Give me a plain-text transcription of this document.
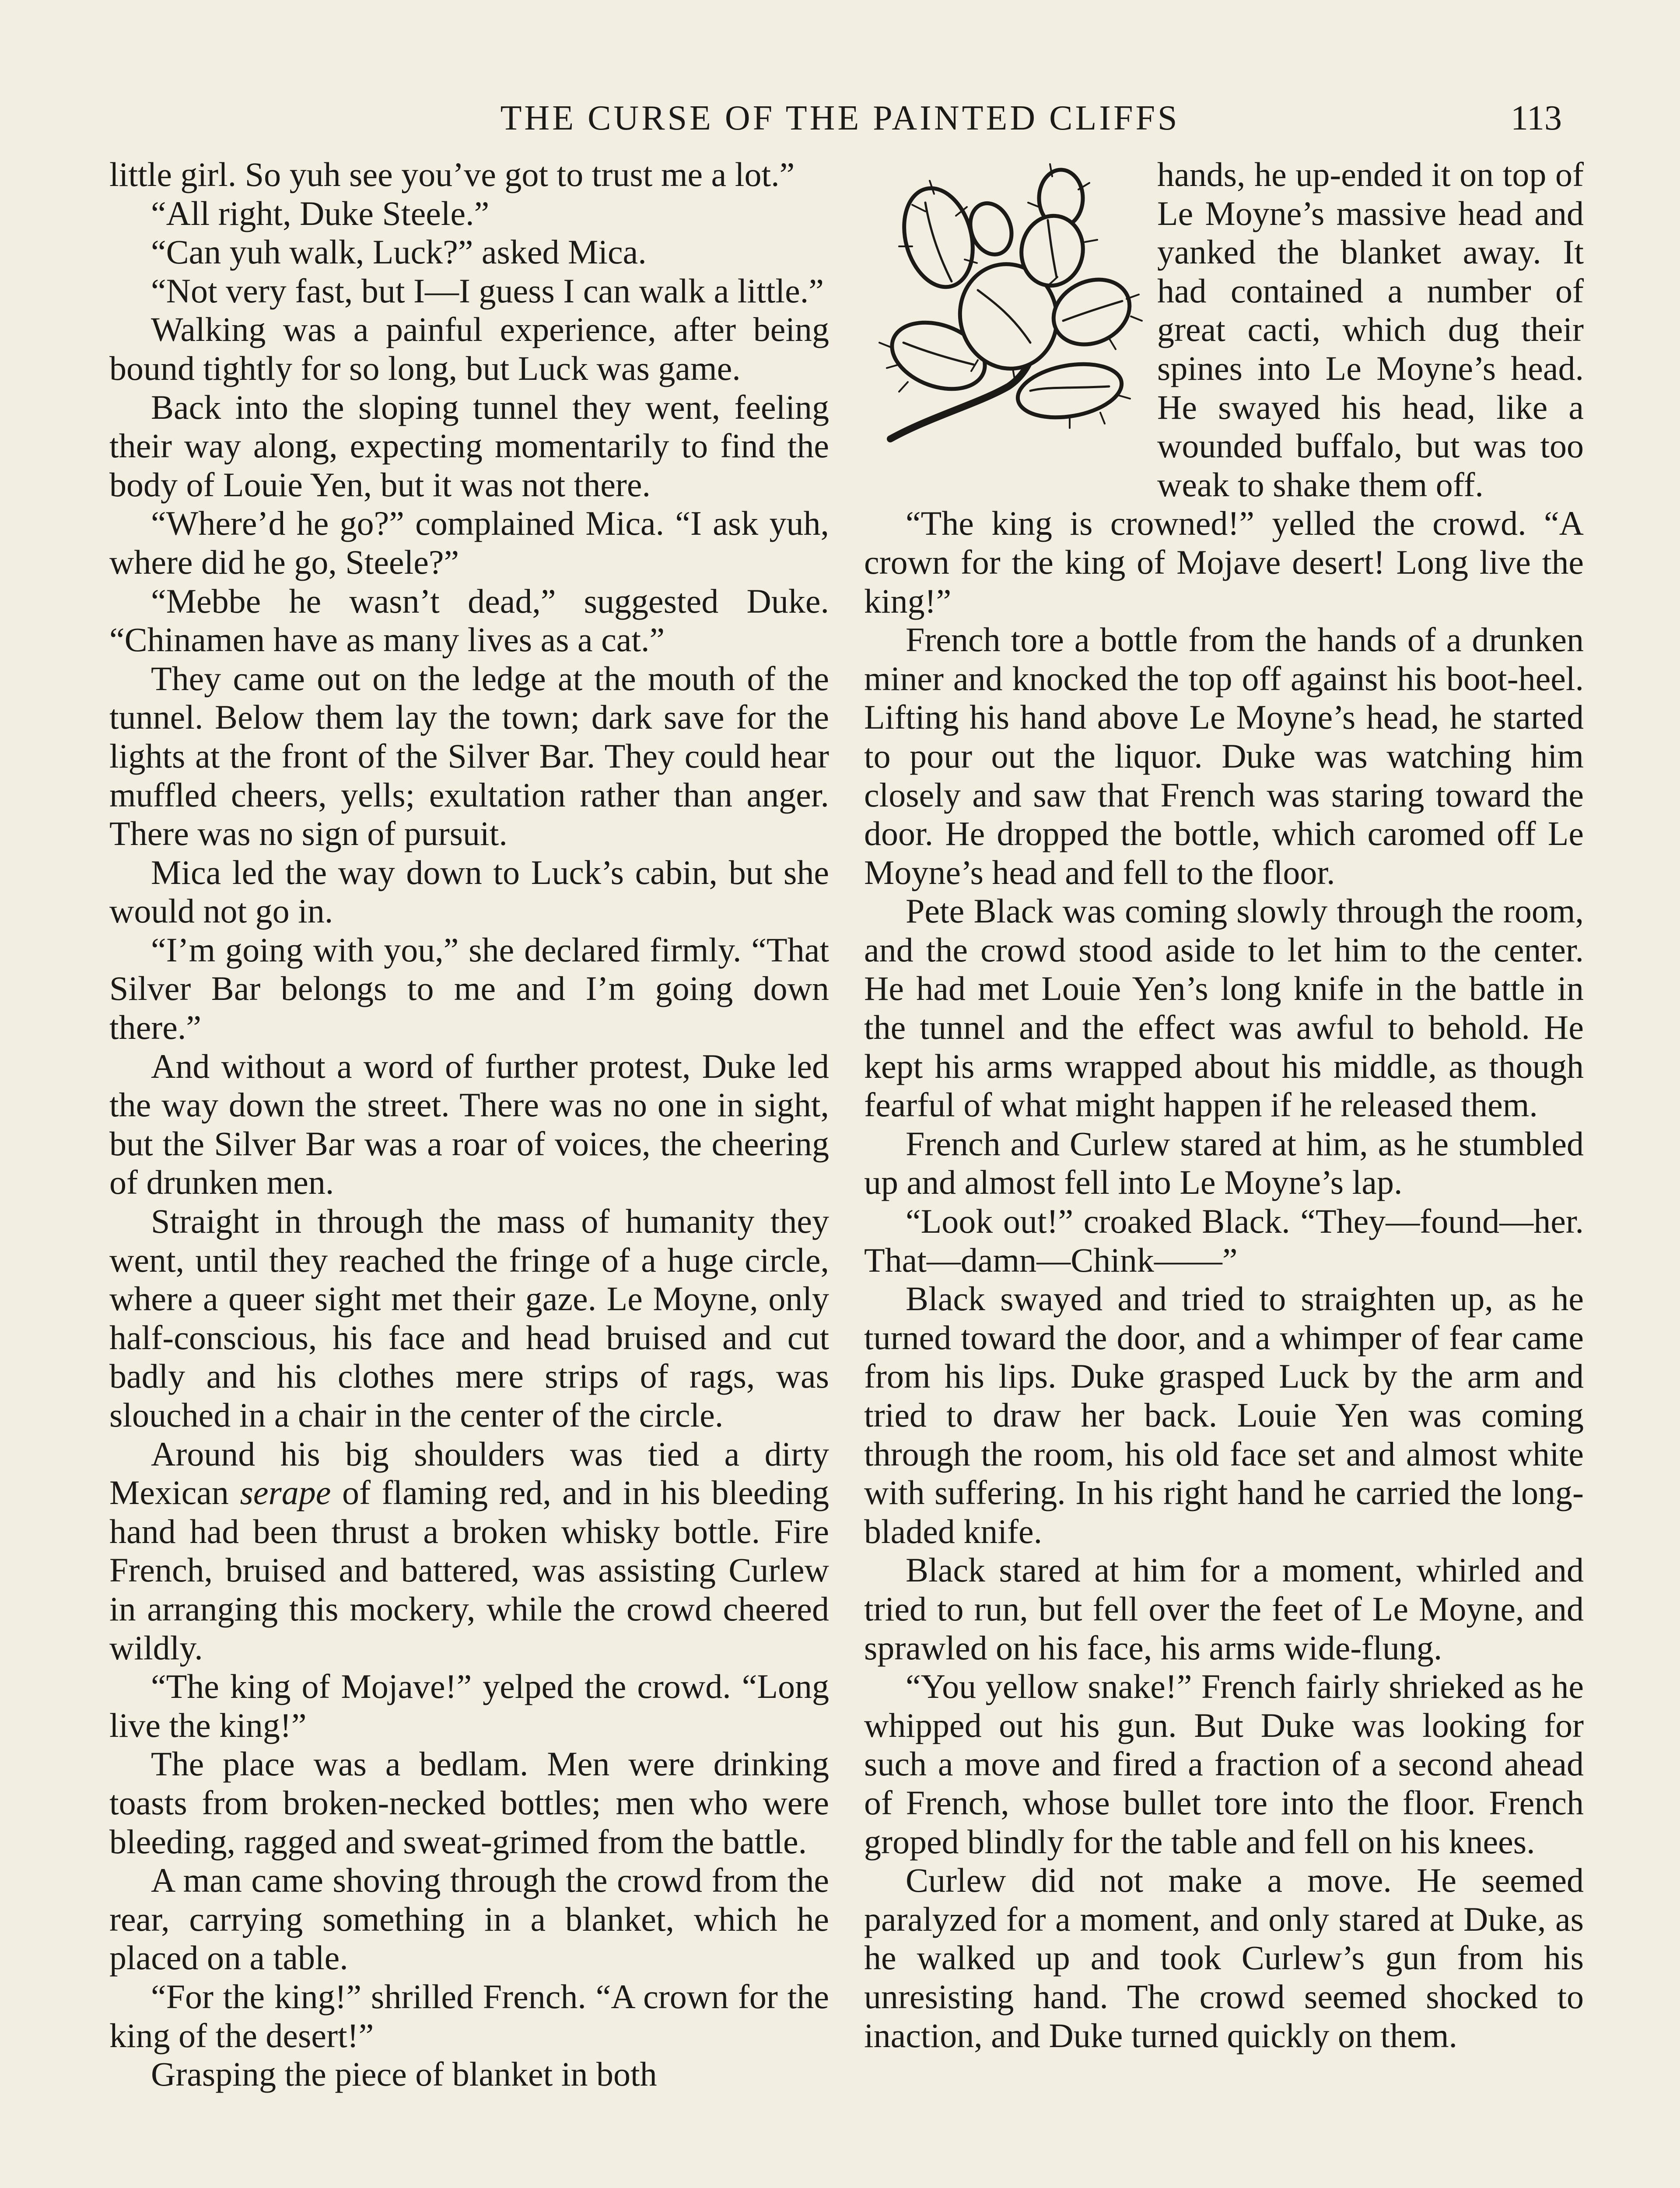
THE CURSE OF THE PAINTED CLIFFS	113

little girl. So yuh see you’ve got to trust me a lot.”

“All right, Duke Steele.”

“Can yuh walk, Luck?” asked Mica.

“Not very fast, but I—I guess I can walk a little.”

Walking was a painful experience, after being bound tightly for so long, but Luck was game.

Back into the sloping tunnel they went, feeling their way along, expecting momentarily to find the body of Louie Yen, but it was not there.

“Where’d he go?” complained Mica. “I ask yuh, where did he go, Steele?”

“Mebbe he wasn’t dead,” suggested Duke. “Chinamen have as many lives as a cat.”

They came out on the ledge at the mouth of the tunnel. Below them lay the town; dark save for the lights at the front of the Silver Bar. They could hear muffled cheers, yells; exultation rather than anger. There was no sign of pursuit.

Mica led the way down to Luck’s cabin, but she would not go in.

“I’m going with you,” she declared firmly. “That Silver Bar belongs to me and I’m going down there.”

And without a word of further protest, Duke led the way down the street. There was no one in sight, but the Silver Bar was a roar of voices, the cheering of drunken men.

Straight in through the mass of humanity they went, until they reached the fringe of a huge circle, where a queer sight met their gaze. Le Moyne, only half-conscious, his face and head bruised and cut badly and his clothes mere strips of rags, was slouched in a chair in the center of the circle.

Around his big shoulders was tied a dirty Mexican serape of flaming red, and in his bleeding hand had been thrust a broken whisky bottle. Fire French, bruised and battered, was assisting Curlew in arranging this mockery, while the crowd cheered wildly.

“The king of Mojave!” yelped the crowd. “Long live the king!”

The place was a bedlam. Men were drinking toasts from broken-necked bottles; men who were bleeding, ragged and sweat-grimed from the battle.

A man came shoving through the crowd from the rear, carrying something in a blanket, which he placed on a table.

“For the king!” shrilled French. “A crown for the king of the desert!”

Grasping the piece of blanket in both

hands, he up-ended it on top of Le Moyne’s massive head and yanked the blanket away. It had contained a number of great cacti, which dug their spines into Le Moyne’s head. He swayed his head, like a wounded buffalo, but was too weak to shake them off.

“The king is crowned!” yelled the crowd. “A crown for the king of Mojave desert! Long live the king!”

French tore a bottle from the hands of a drunken miner and knocked the top off against his boot-heel. Lifting his hand above Le Moyne’s head, he started to pour out the liquor. Duke was watching him closely and saw that French was staring toward the door. He dropped the bottle, which caromed off Le Moyne’s head and fell to the floor.

Pete Black was coming slowly through the room, and the crowd stood aside to let him to the center. He had met Louie Yen’s long knife in the battle in the tunnel and the effect was awful to behold. He kept his arms wrapped about his middle, as though fearful of what might happen if he released them.

French and Curlew stared at him, as he stumbled up and almost fell into Le Moyne’s lap.

“Look out!” croaked Black. “They—found—her. That—damn—Chink——”

Black swayed and tried to straighten up, as he turned toward the door, and a whimper of fear came from his lips. Duke grasped Luck by the arm and tried to draw her back. Louie Yen was coming through the room, his old face set and almost white with suffering. In his right hand he carried the long-bladed knife.

Black stared at him for a moment, whirled and tried to run, but fell over the feet of Le Moyne, and sprawled on his face, his arms wide-flung.

“You yellow snake!” French fairly shrieked as he whipped out his gun. But Duke was looking for such a move and fired a fraction of a second ahead of French, whose bullet tore into the floor. French groped blindly for the table and fell on his knees.

Curlew did not make a move. He seemed paralyzed for a moment, and only stared at Duke, as he walked up and took Curlew’s gun from his unresisting hand. The crowd seemed shocked to inaction, and Duke turned quickly on them.
